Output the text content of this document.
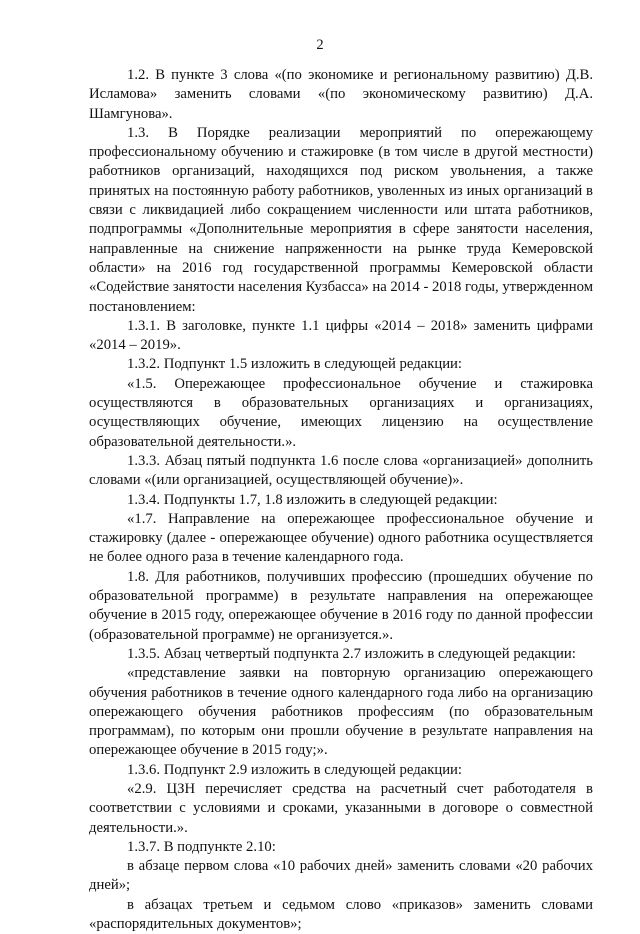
2

1.2. В пункте 3 слова «(по экономике и региональному развитию) Д.В. Исламова» заменить словами «(по экономическому развитию) Д.А. Шамгунова».

1.3. В Порядке реализации мероприятий по опережающему профессиональному обучению и стажировке (в том числе в другой местности) работников организаций, находящихся под риском увольнения, а также принятых на постоянную работу работников, уволенных из иных организаций в связи с ликвидацией либо сокращением численности или штата работников, подпрограммы «Дополнительные мероприятия в сфере занятости населения, направленные на снижение напряженности на рынке труда Кемеровской области» на 2016 год государственной программы Кемеровской области «Содействие занятости населения Кузбасса» на 2014 - 2018 годы, утвержденном постановлением:

1.3.1. В заголовке, пункте 1.1 цифры «2014 – 2018» заменить цифрами «2014 – 2019».

1.3.2. Подпункт 1.5 изложить в следующей редакции:

«1.5. Опережающее профессиональное обучение и стажировка осуществляются в образовательных организациях и организациях, осуществляющих обучение, имеющих лицензию на осуществление образовательной деятельности.».

1.3.3. Абзац пятый подпункта 1.6 после слова «организацией» дополнить словами «(или организацией, осуществляющей обучение)».

1.3.4. Подпункты 1.7, 1.8 изложить в следующей редакции:

«1.7. Направление на опережающее профессиональное обучение и стажировку (далее - опережающее обучение) одного работника осуществляется не более одного раза в течение календарного года.

1.8. Для работников, получивших профессию (прошедших обучение по образовательной программе) в результате направления на опережающее обучение в 2015 году, опережающее обучение в 2016 году по данной профессии (образовательной программе) не организуется.».

1.3.5. Абзац четвертый подпункта 2.7 изложить в следующей редакции:

«представление заявки на повторную организацию опережающего обучения работников в течение одного календарного года либо на организацию опережающего обучения работников профессиям (по образовательным программам), по которым они прошли обучение в результате направления на опережающее обучение в 2015 году;».

1.3.6. Подпункт 2.9 изложить в следующей редакции:

«2.9. ЦЗН перечисляет средства на расчетный счет работодателя в соответствии с условиями и сроками, указанными в договоре о совместной деятельности.».

1.3.7. В подпункте 2.10:

в абзаце первом слова «10 рабочих дней» заменить словами «20 рабочих дней»;

в абзацах третьем и седьмом слово «приказов» заменить словами «распорядительных документов»;
